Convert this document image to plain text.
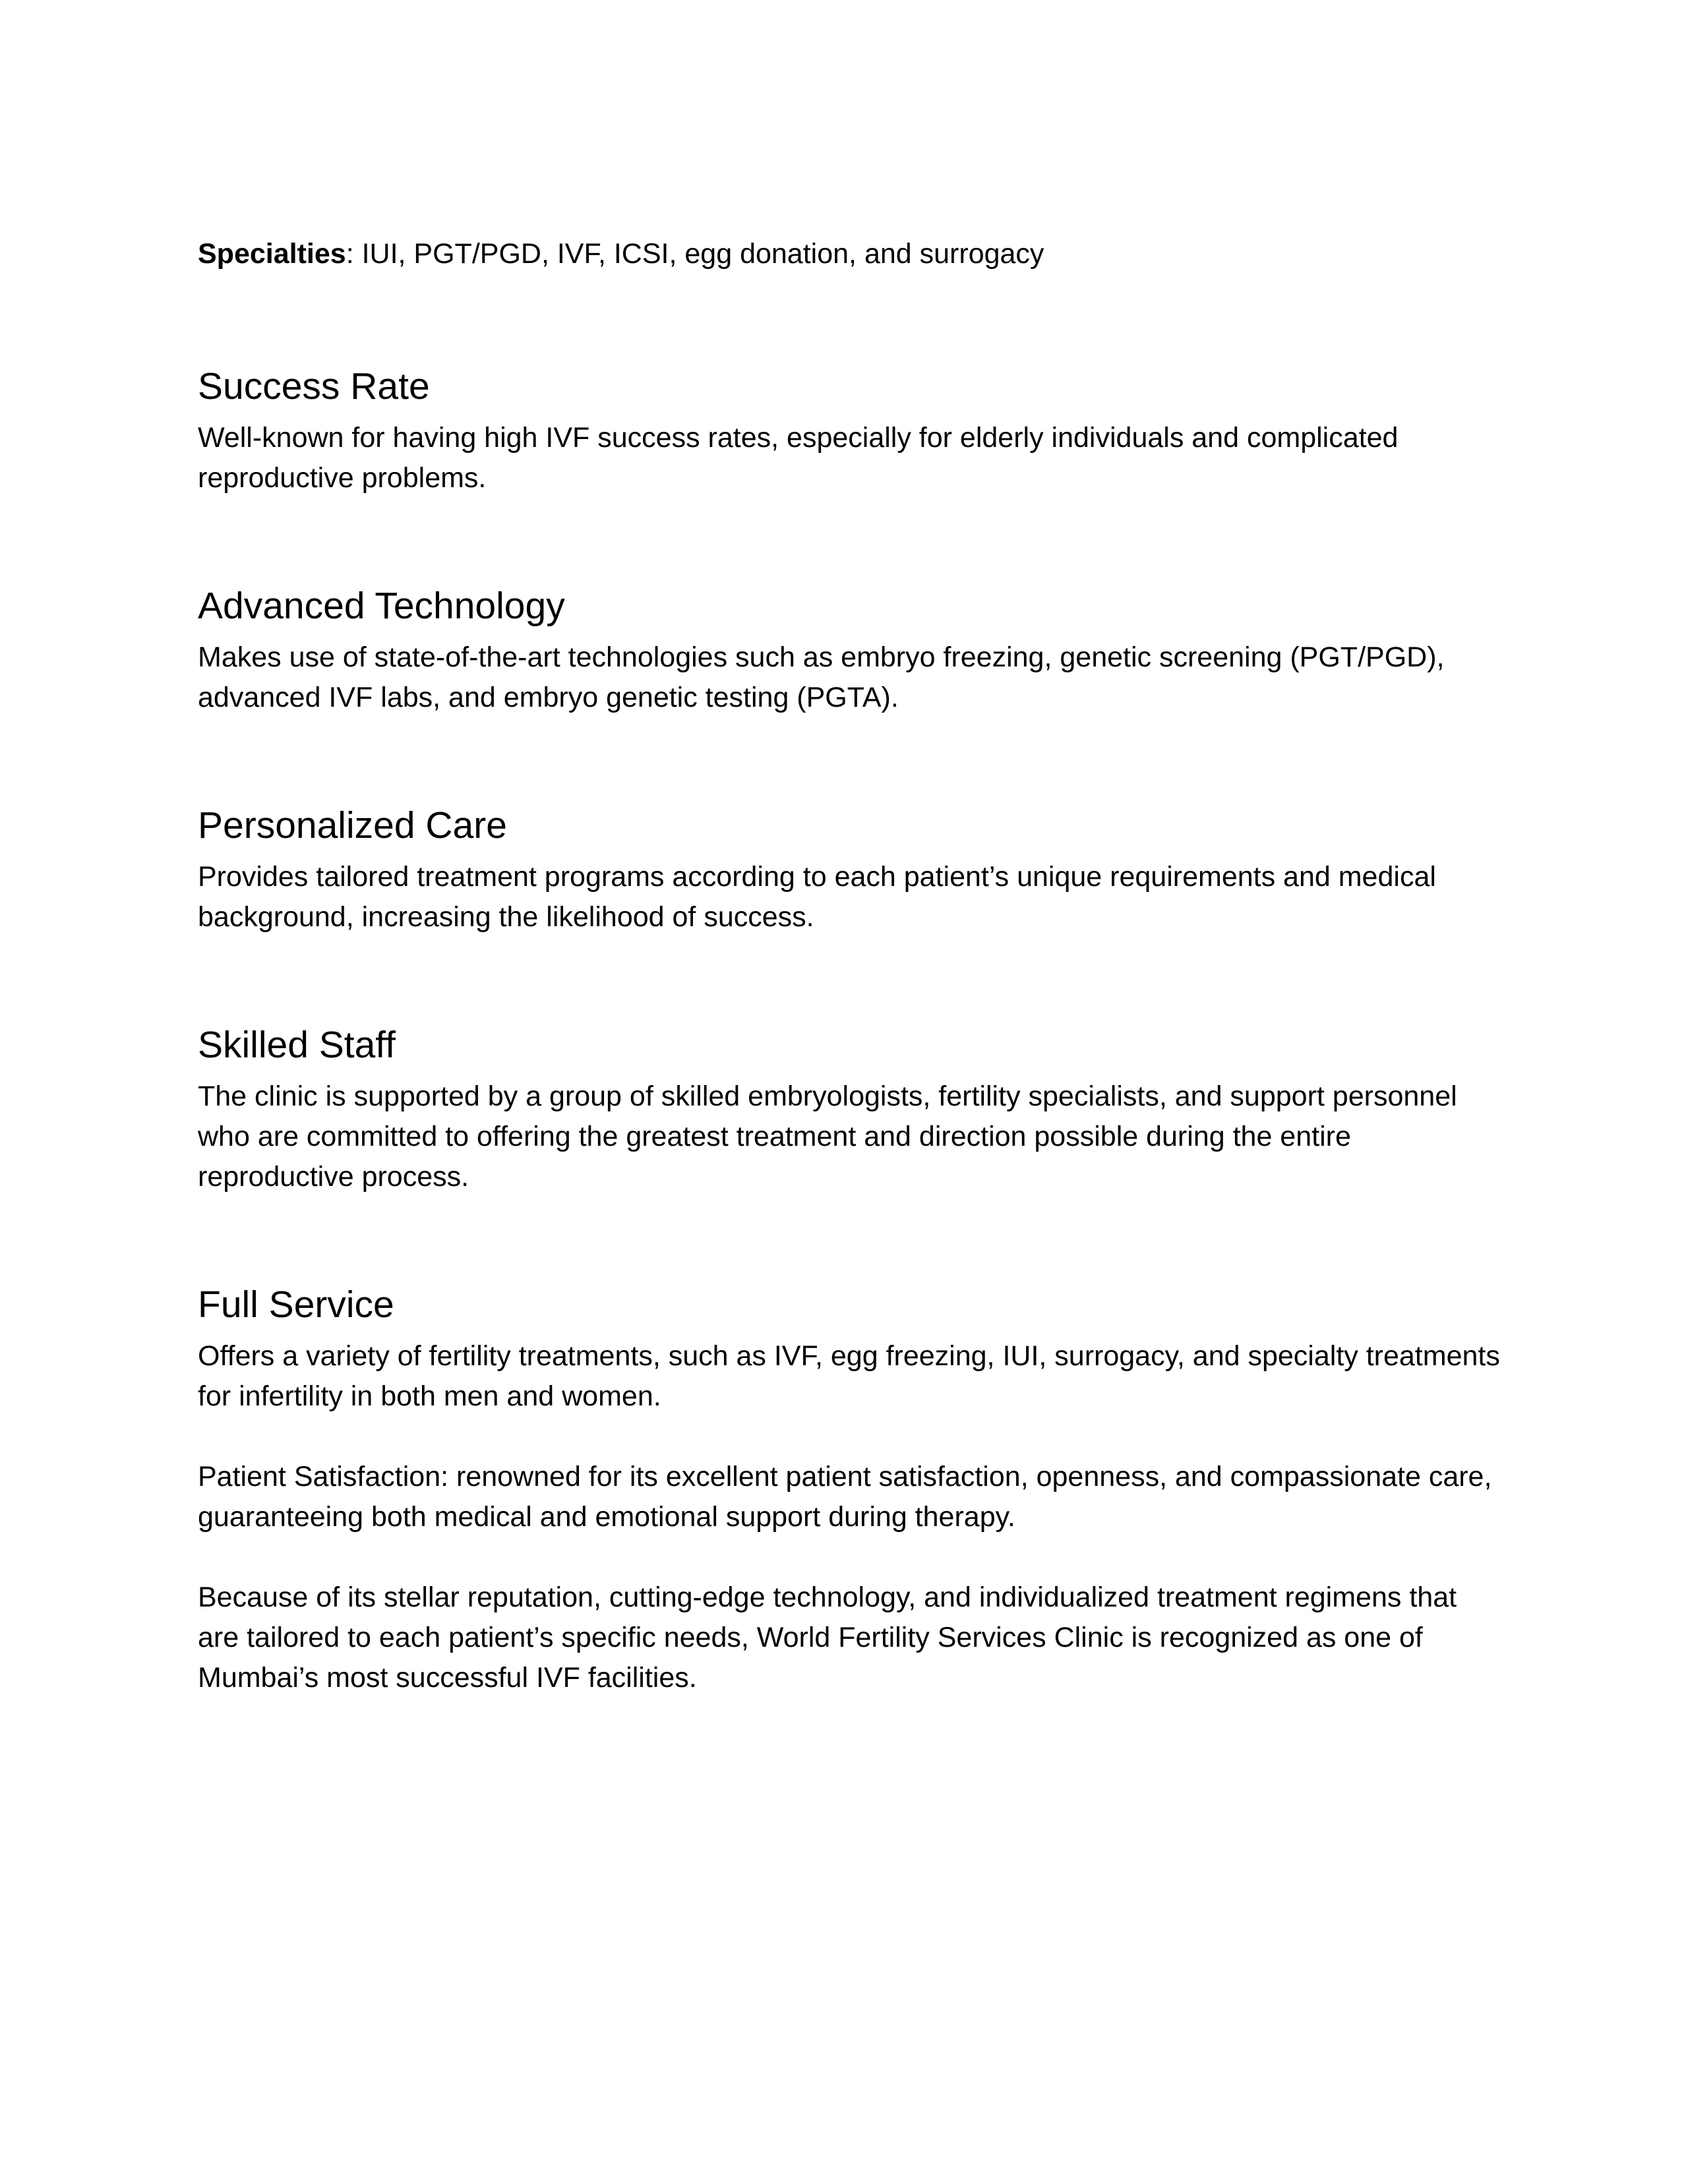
Specialties: IUI, PGT/PGD, IVF, ICSI, egg donation, and surrogacy

Success Rate

Well-known for having high IVF success rates, especially for elderly individuals and complicated reproductive problems.

Advanced Technology

Makes use of state-of-the-art technologies such as embryo freezing, genetic screening (PGT/PGD), advanced IVF labs, and embryo genetic testing (PGTA).

Personalized Care

Provides tailored treatment programs according to each patient’s unique requirements and medical background, increasing the likelihood of success.

Skilled Staff

The clinic is supported by a group of skilled embryologists, fertility specialists, and support personnel who are committed to offering the greatest treatment and direction possible during the entire reproductive process.

Full Service

Offers a variety of fertility treatments, such as IVF, egg freezing, IUI, surrogacy, and specialty treatments for infertility in both men and women.

Patient Satisfaction: renowned for its excellent patient satisfaction, openness, and compassionate care, guaranteeing both medical and emotional support during therapy.

Because of its stellar reputation, cutting-edge technology, and individualized treatment regimens that are tailored to each patient’s specific needs, World Fertility Services Clinic is recognized as one of Mumbai’s most successful IVF facilities.
